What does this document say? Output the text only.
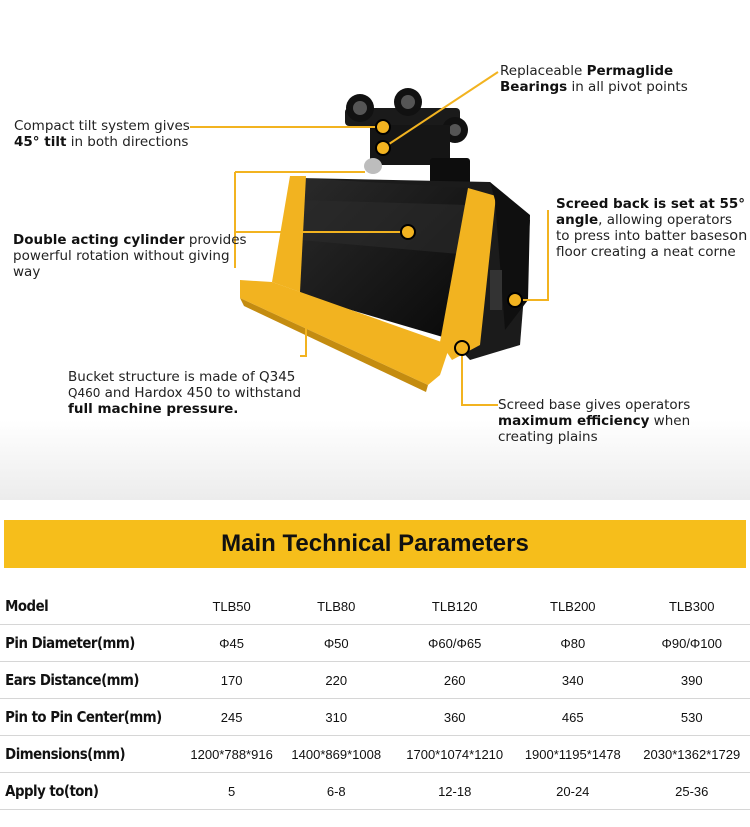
Replaceable Permaglide
Bearings in all pivot points
Compact tilt system gives
45° tilt in both directions
Double acting cylinder provides
powerful rotation without giving
way
Screed back is set at 55°
angle, allowing operators
to press into batter baseson
floor creating a neat corne
Bucket structure is made of Q345
Q460 and Hardox 450 to withstand
full machine pressure.	Screed base gives operators
maximum efficiency when
creating plains
Main Technical Parameters
Model	TLB50	TLB80	TLB120	TLB200	TLB300
Pin Diameter(mm)	Φ45	Φ50	Φ60/Φ65	Φ80	Φ90/Φ100
Ears Distance(mm)	170	220	260	340	390
Pin to Pin Center(mm)	245	310	360	465	530
Dimensions(mm)	1200*788*916	1400*869*1008	1700*1074*1210	1900*1195*1478	2030*1362*1729
Apply to(ton)	5	6-8	12-18	20-24	25-36
